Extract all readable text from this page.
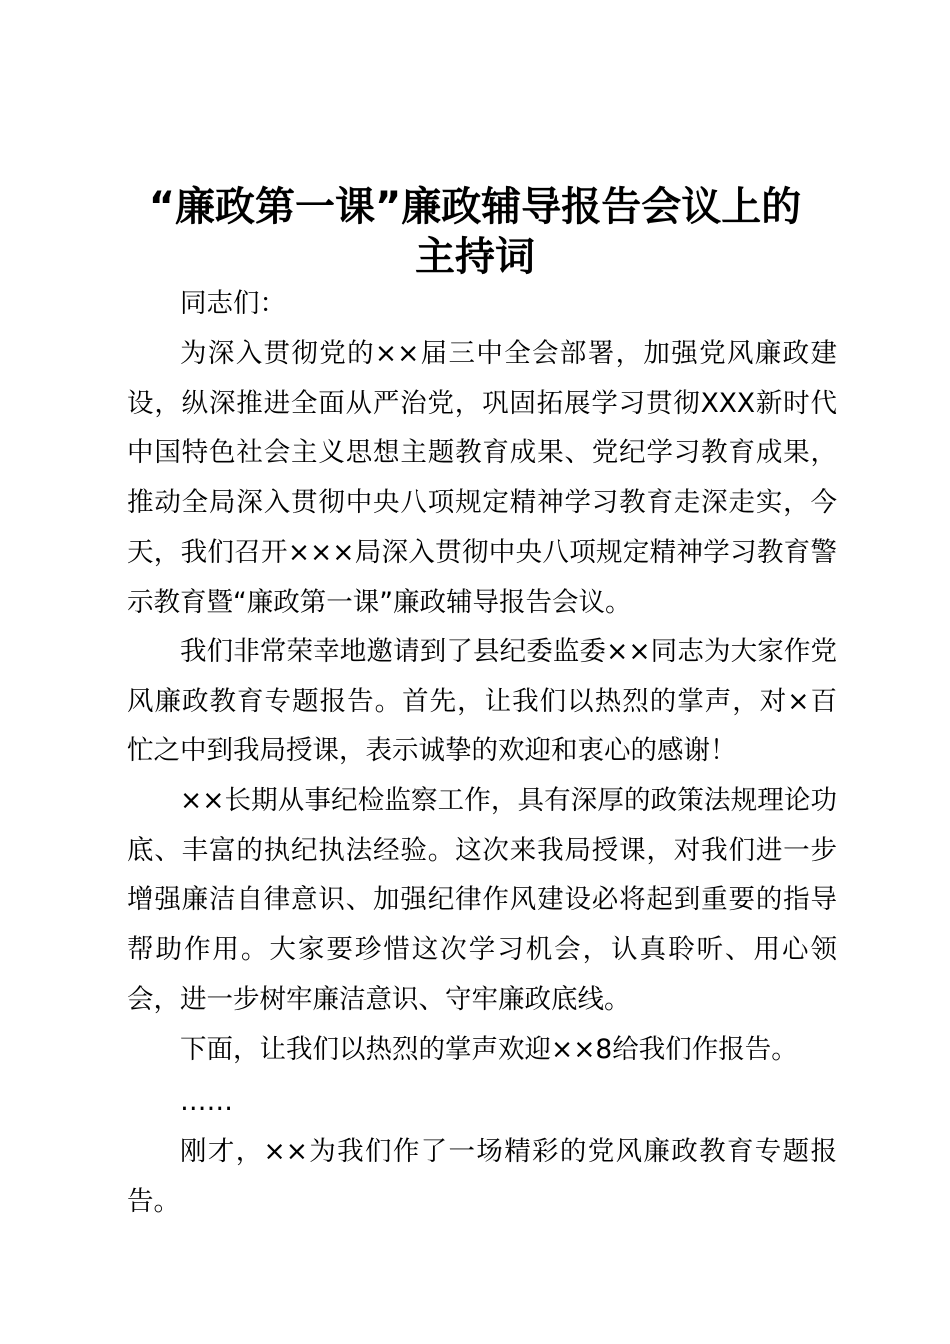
“廉政第一课”廉政辅导报告会议上的
主持词

同志们：

为深入贯彻党的××届三中全会部署，加强党风廉政建设，纵深推进全面从严治党，巩固拓展学习贯彻XXX新时代中国特色社会主义思想主题教育成果、党纪学习教育成果，推动全局深入贯彻中央八项规定精神学习教育走深走实，今天，我们召开×××局深入贯彻中央八项规定精神学习教育警示教育暨“廉政第一课”廉政辅导报告会议。

我们非常荣幸地邀请到了县纪委监委××同志为大家作党风廉政教育专题报告。首先，让我们以热烈的掌声，对×百忙之中到我局授课，表示诚挚的欢迎和衷心的感谢！

××长期从事纪检监察工作，具有深厚的政策法规理论功底、丰富的执纪执法经验。这次来我局授课，对我们进一步增强廉洁自律意识、加强纪律作风建设必将起到重要的指导帮助作用。大家要珍惜这次学习机会，认真聆听、用心领会，进一步树牢廉洁意识、守牢廉政底线。

下面，让我们以热烈的掌声欢迎××8给我们作报告。

……

刚才，××为我们作了一场精彩的党风廉政教育专题报告。
